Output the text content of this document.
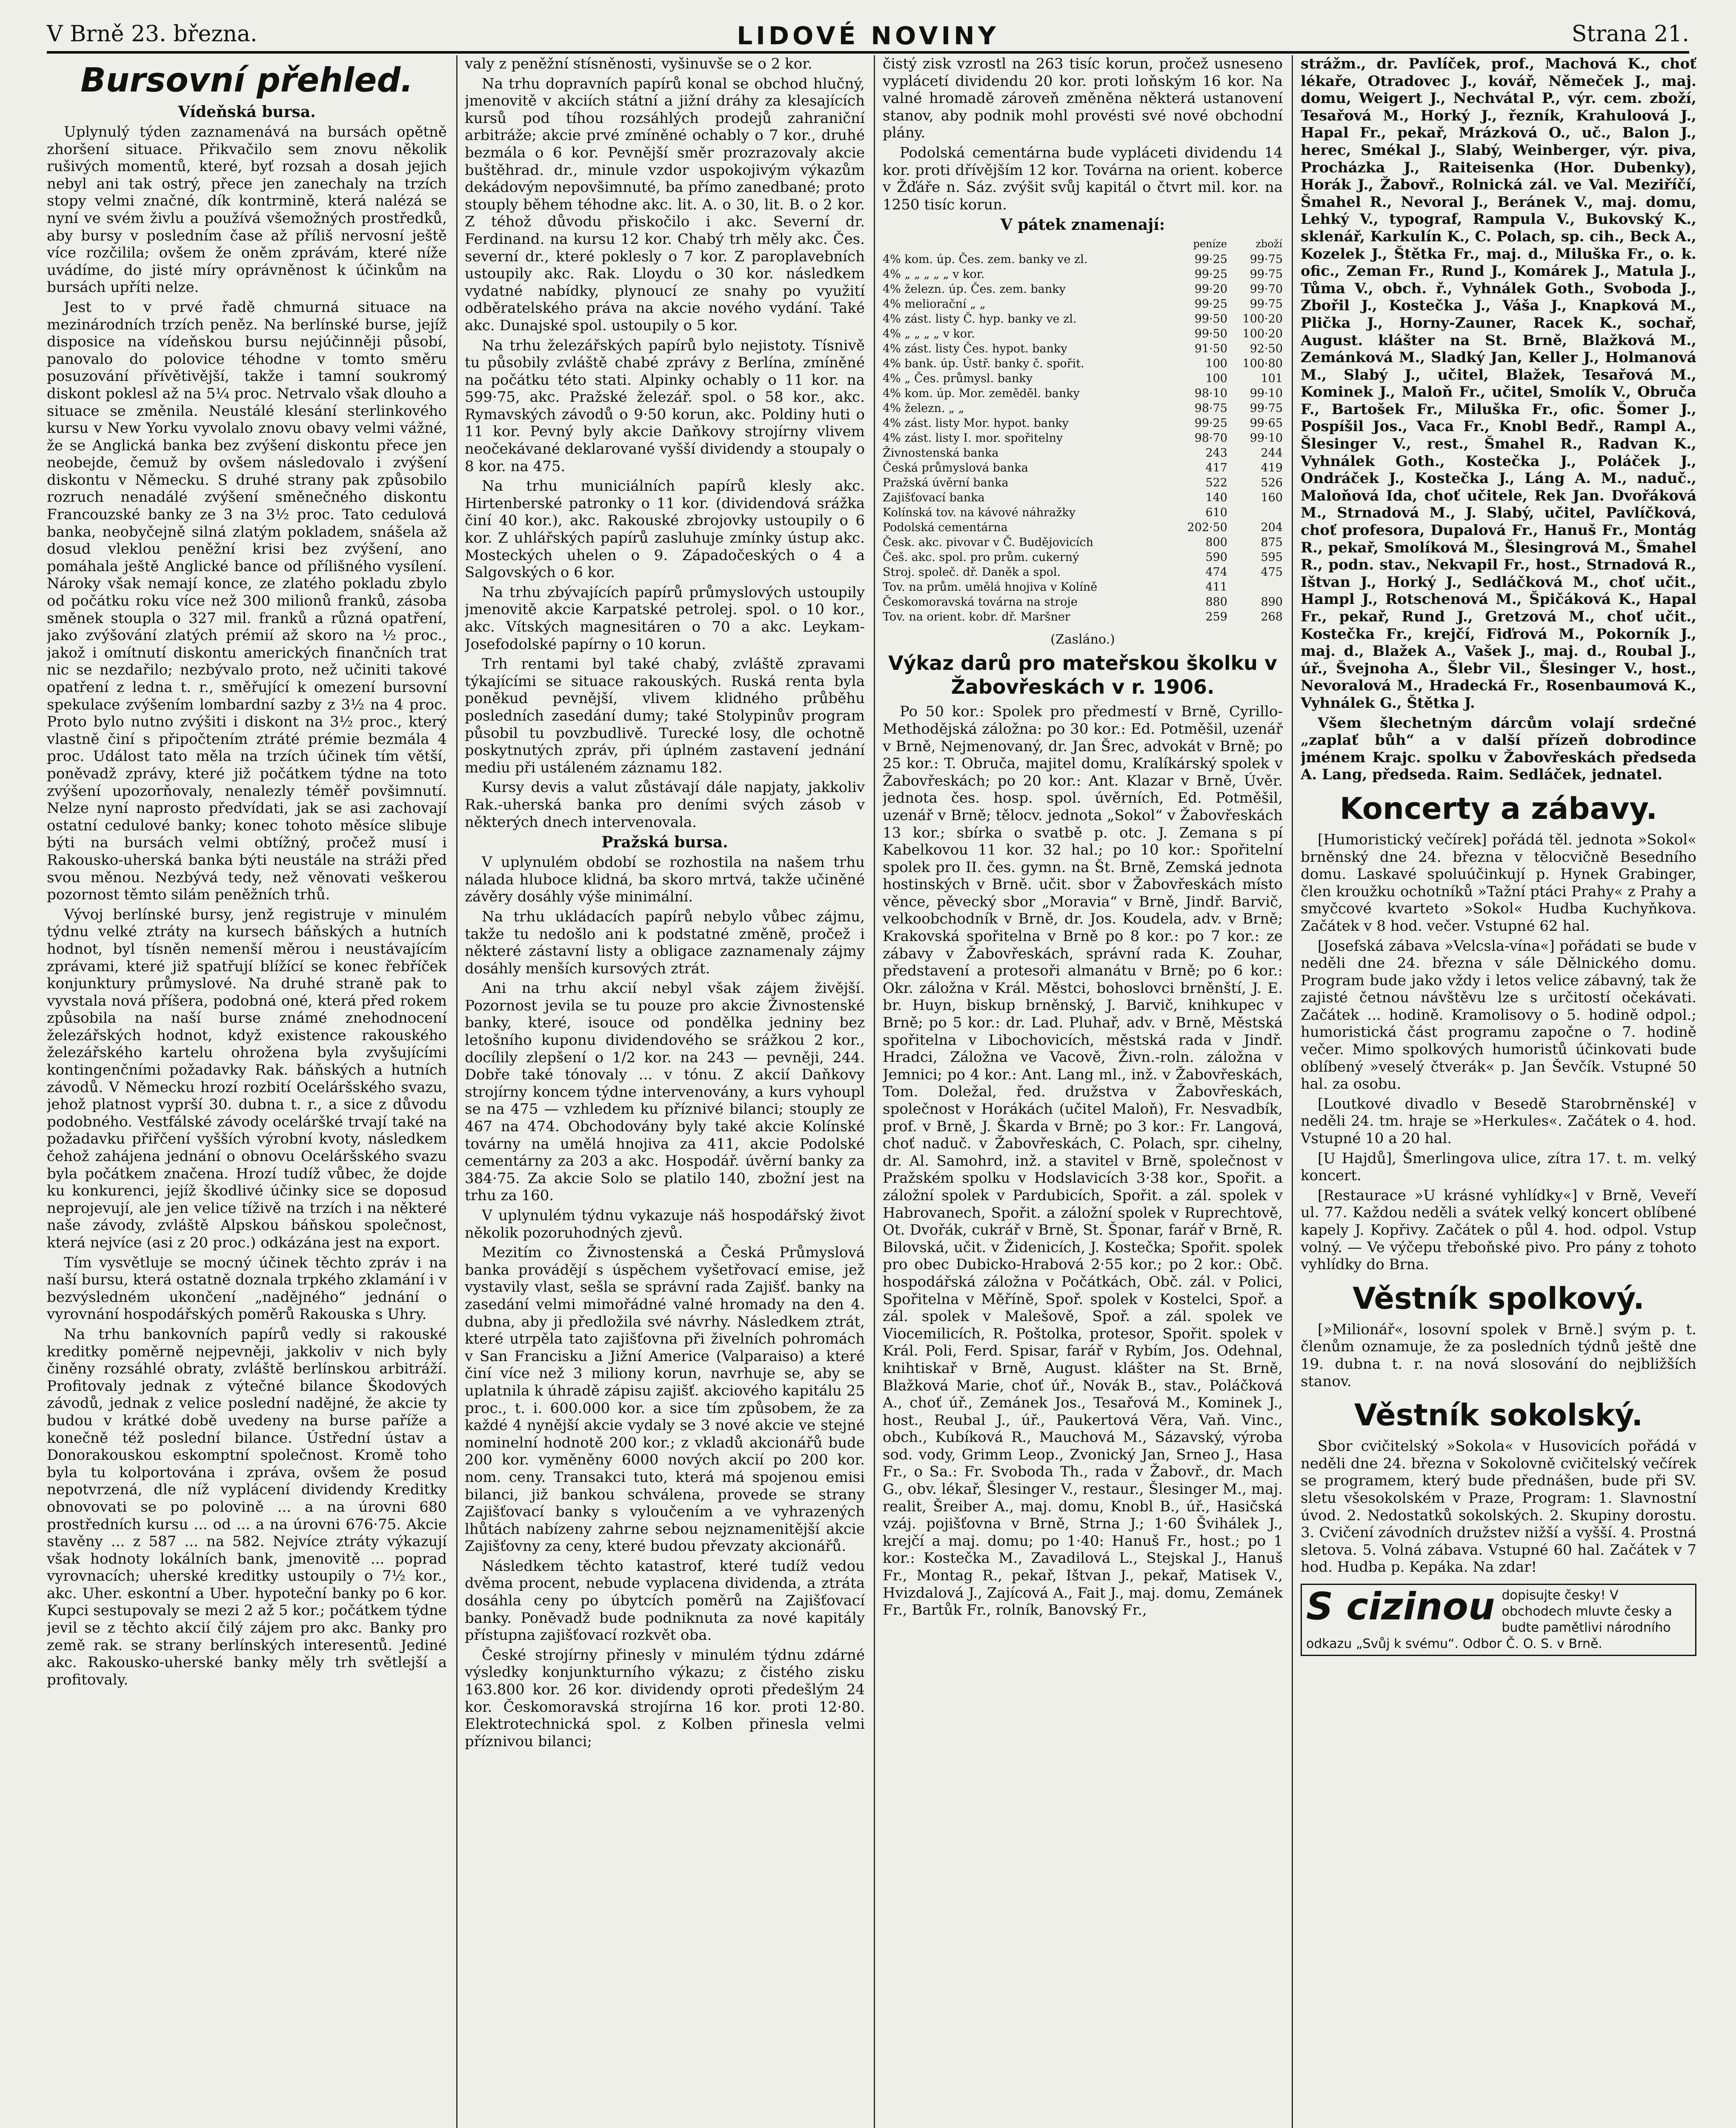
V Brně 23. března.	LIDOVÉ NOVINY	Strana 21.
Bursovní přehled.
Vídeňská bursa.

Uplynulý týden zaznamenává na bursách opětně zhoršení situace. Přikvačilo sem znovu několik rušivých momentů, které, byť rozsah a dosah jejich nebyl ani tak ostrý, přece jen zanechaly na trzích stopy velmi značné, dík kontrmině, která nalézá se nyní ve svém živlu a používá všemožných prostředků, aby bursy v posledním čase až příliš nervosní ještě více rozčilila; ovšem že oněm zprávám, které níže uvádíme, do jisté míry oprávněnost k účinkům na bursách upříti nelze.

Jest to v prvé řadě chmurná situace na mezinárodních trzích peněz. Na berlínské burse, jejíž disposice na vídeňskou bursu nejúčinněji působí, panovalo do polovice téhodne v tomto směru posuzování přívětivější, takže i tamní soukromý diskont poklesl až na 5¼ proc. Netrvalo však dlouho a situace se změnila. Neustálé klesání sterlinkového kursu v New Yorku vyvolalo znovu obavy velmi vážné, že se Anglická banka bez zvýšení diskontu přece jen neobejde, čemuž by ovšem následovalo i zvýšení diskontu v Německu. S druhé strany pak způsobilo rozruch nenadálé zvýšení směnečného diskontu Francouzské banky ze 3 na 3½ proc. Tato cedulová banka, neobyčejně silná zlatým pokladem, snášela až dosud vleklou peněžní krisi bez zvýšení, ano pomáhala ještě Anglické bance od přílišného vysílení. Nároky však nemají konce, ze zlatého pokladu zbylo od počátku roku více než 300 milionů franků, zásoba směnek stoupla o 327 mil. franků a různá opatření, jako zvýšování zlatých prémií až skoro na ½ proc., jakož i omítnutí diskontu amerických finančních trat nic se nezdařilo; nezbývalo proto, než učiniti takové opatření z ledna t. r., směřující k omezení bursovní spekulace zvýšením lombardní sazby z 3½ na 4 proc. Proto bylo nutno zvýšiti i diskont na 3½ proc., který vlastně činí s připočtením ztráté prémie bezmála 4 proc. Událost tato měla na trzích účinek tím větší, poněvadž zprávy, které již počátkem týdne na toto zvýšení upozorňovaly, nenalezly téměř povšimnutí. Nelze nyní naprosto předvídati, jak se asi zachovají ostatní cedulové banky; konec tohoto měsíce slibuje býti na bursách velmi obtížný, pročež musí i Rakousko-uherská banka býti neustále na stráži před svou měnou. Nezbývá tedy, než věnovati veškerou pozornost těmto silám peněžních trhů.

Vývoj berlínské bursy, jenž registruje v minulém týdnu velké ztráty na kursech báňských a hutních hodnot, byl tísněn nemenší měrou i neustávajícím zprávami, které již spatřují blížící se konec řebříček konjunktury průmyslové. Na druhé straně pak to vyvstala nová příšera, podobná oné, která před rokem způsobila na naší burse známé znehodnocení železářských hodnot, když existence rakouského železářského kartelu ohrožena byla zvyšujícími kontingenčními požadavky Rak. báňských a hutních závodů. V Německu hrozí rozbití Oceláršského svazu, jehož platnost vyprší 30. dubna t. r., a sice z důvodu podobného. Vestfálské závody oceláršké trvají také na požadavku přiřčení vyšších výrobní kvoty, následkem čehož zahájena jednání o obnovu Oceláršského svazu byla počátkem značena. Hrozí tudíž vůbec, že dojde ku konkurenci, jejíž škodlivé účinky sice se doposud neprojevují, ale jen velice tíživě na trzích i na některé naše závody, zvláště Alpskou báňskou společnost, která nejvíce (asi z 20 proc.) odkázána jest na export.

Tím vysvětluje se mocný účinek těchto zpráv i na naší bursu, která ostatně doznala trpkého zklamání i v bezvýsledném ukončení „nadějného“ jednání o vyrovnání hospodářských poměrů Rakouska s Uhry.

Na trhu bankovních papírů vedly si rakouské kreditky poměrně nejpevněji, jakkoliv v nich byly činěny rozsáhlé obraty, zvláště berlínskou arbitráží. Profitovaly jednak z výtečné bilance Škodových závodů, jednak z velice poslední nadějné, že akcie ty budou v krátké době uvedeny na burse paříže a konečně též poslední bilance. Ústřední ústav a Donorakouskou eskomptní společnost. Kromě toho byla tu kolportována i zpráva, ovšem že posud nepotvrzená, dle níž vyplácení dividendy Kreditky obnovovati se po polovině ... a na úrovni 680 prostředních kursu ... od ... a na úrovni 676·75. Akcie stavěny ... z 587 ... na 582. Nejvíce ztráty výkazují však hodnoty lokálních bank, jmenovitě ... poprad vyrovnacích; uherské kreditky ustoupily o 7½ kor., akc. Uher. eskontní a Uber. hypoteční banky po 6 kor. Kupci sestupovaly se mezi 2 až 5 kor.; počátkem týdne jevil se z těchto akcií čilý zájem pro akc. Banky pro země rak. se strany berlínských interesentů. Jediné akc. Rakousko-uherské banky měly trh světlejší a profitovaly.

valy z peněžní stísněnosti, vyšinuvše se o 2 kor.

Na trhu dopravních papírů konal se obchod hlučný, jmenovitě v akciích státní a jižní dráhy za klesajících kursů pod tíhou rozsáhlých prodejů zahraniční arbitráže; akcie prvé zmíněné ochably o 7 kor., druhé bezmála o 6 kor. Pevnější směr prozrazovaly akcie buštěhrad. dr., minule vzdor uspokojivým výkazům dekádovým nepovšimnuté, ba přímo zanedbané; proto stouply během téhodne akc. lit. A. o 30, lit. B. o 2 kor. Z téhož důvodu přiskočilo i akc. Severní dr. Ferdinand. na kursu 12 kor. Chabý trh měly akc. Čes. severní dr., které poklesly o 7 kor. Z paroplavebních ustoupily akc. Rak. Lloydu o 30 kor. následkem vydatné nabídky, plynoucí ze snahy po využití odběratelského práva na akcie nového vydání. Také akc. Dunajské spol. ustoupily o 5 kor.

Na trhu železářských papírů bylo nejistoty. Tísnivě tu působily zvláště chabé zprávy z Berlína, zmíněné na počátku této stati. Alpinky ochably o 11 kor. na 599·75, akc. Pražské železář. spol. o 58 kor., akc. Rymavských závodů o 9·50 korun, akc. Poldiny huti o 11 kor. Pevný byly akcie Daňkovy strojírny vlivem neočekávané deklarované vyšší dividendy a stoupaly o 8 kor. na 475.

Na trhu municiálních papírů klesly akc. Hirtenberské patronky o 11 kor. (dividendová srážka činí 40 kor.), akc. Rakouské zbrojovky ustoupily o 6 kor. Z uhlářských papírů zasluhuje zmínky ústup akc. Mosteckých uhelen o 9. Západočeských o 4 a Salgovských o 6 kor.

Na trhu zbývajících papírů průmyslových ustoupily jmenovitě akcie Karpatské petrolej. spol. o 10 kor., akc. Vítských magnesitáren o 70 a akc. Leykam-Josefodolské papírny o 10 korun.

Trh rentami byl také chabý, zvláště zpravami týkajícími se situace rakouských. Ruská renta byla poněkud pevnější, vlivem klidného průběhu posledních zasedání dumy; také Stolypinův program působil tu povzbudlivě. Turecké losy, dle ochotně poskytnutých zpráv, při úplném zastavení jednání mediu při ustáleném záznamu 182.

Kursy devis a valut zůstávají dále napjaty, jakkoliv Rak.-uherská banka pro deními svých zásob v některých dnech intervenovala.

Pražská bursa.

V uplynulém období se rozhostila na našem trhu nálada hluboce klidná, ba skoro mrtvá, takže učiněné závěry dosáhly výše minimální.

Na trhu ukládacích papírů nebylo vůbec zájmu, takže tu nedošlo ani k podstatné změně, pročež i některé zástavní listy a obligace zaznamenaly zájmy dosáhly menších kursových ztrát.

Ani na trhu akcií nebyl však zájem živější. Pozornost jevila se tu pouze pro akcie Živnostenské banky, které, isouce od pondělka jedniny bez letošního kuponu dividendového se srážkou 2 kor., docílily zlepšení o 1/2 kor. na 243 — pevněji, 244. Dobře také tónovaly ... v tónu. Z akcií Daňkovy strojírny koncem týdne intervenovány, a kurs vyhoupl se na 475 — vzhledem ku příznivé bilanci; stouply ze 467 na 474. Obchodovány byly také akcie Kolínské továrny na umělá hnojiva za 411, akcie Podolské cementárny za 203 a akc. Hospodář. úvěrní banky za 384·75. Za akcie Solo se platilo 140, zbožní jest na trhu za 160.

V uplynulém týdnu vykazuje náš hospodářský život několik pozoruhodných zjevů.

Mezitím co Živnostenská a Česká Průmyslová banka provádějí s úspěchem vyšetřovací emise, jež vystavily vlast, sešla se správní rada Zajišť. banky na zasedání velmi mimořádné valné hromady na den 4. dubna, aby ji předložila své návrhy. Následkem ztrát, které utrpěla tato zajišťovna při živelních pohromách v San Francisku a Jižní Americe (Valparaiso) a které činí více než 3 miliony korun, navrhuje se, aby se uplatnila k úhradě zápisu zajišť. akciového kapitálu 25 proc., t. i. 600.000 kor. a sice tím způsobem, že za každé 4 nynější akcie vydaly se 3 nové akcie ve stejné nominelní hodnotě 200 kor.; z vkladů akcionářů bude 200 kor. vyměněny 6000 nových akcií po 200 kor. nom. ceny. Transakci tuto, která má spojenou emisi bilanci, již bankou schválena, provede se strany Zajišťovací banky s vyloučením a ve vyhrazených lhůtách nabízeny zahrne sebou nejznamenitější akcie Zajišťovny za ceny, které budou převzaty akcionářů.

Následkem těchto katastrof, které tudíž vedou dvěma procent, nebude vyplacena dividenda, a ztráta dosáhla ceny po úbytcích poměrů na Zajišťovací banky. Poněvadž bude podniknuta za nové kapitály přístupna zajišťovací rozkvět oba.

České strojírny přinesly v minulém týdnu zdárné výsledky konjunkturního výkazu; z čistého zisku 163.800 kor. 26 kor. dividendy oproti předešlým 24 kor. Českomoravská strojírna 16 kor. proti 12·80. Elektrotechnická spol. z Kolben přinesla velmi příznivou bilanci;

čistý zisk vzrostl na 263 tisíc korun, pročež usneseno vyplácetí dividendu 20 kor. proti loňským 16 kor. Na valné hromadě zároveň změněna některá ustanovení stanov, aby podnik mohl provésti své nové obchodní plány.

Podolská cementárna bude vypláceti dividendu 14 kor. proti dřívějším 12 kor. Továrna na orient. koberce v Žďáře n. Sáz. zvýšit svůj kapitál o čtvrt mil. kor. na 1250 tisíc korun.

V pátek znamenají:
	peníze	zboží
4% kom. úp. Čes. zem. banky ve zl.	99·25	99·75
4% „ „ „ „ „ v kor.	99·25	99·75
4% železn. úp. Čes. zem. banky	99·20	99·70
4% meliorační „ „	99·25	99·75
4% zást. listy Č. hyp. banky ve zl.	99·50	100·20
4% „ „ „ „ v kor.	99·50	100·20
4% zást. listy Čes. hypot. banky	91·50	92·50
4% bank. úp. Ústř. banky č. spořit.	100	100·80
4% „ Čes. průmysl. banky	100	101
4% kom. úp. Mor. zeměděl. banky	98·10	99·10
4% železn. „ „	98·75	99·75
4% zást. listy Mor. hypot. banky	99·25	99·65
4% zást. listy I. mor. spořitelny	98·70	99·10
Živnostenská banka	243	244
Česká průmyslová banka	417	419
Pražská úvěrní banka	522	526
Zajišťovací banka	140	160
Kolínská tov. na kávové náhražky	610	
Podolská cementárna	202·50	204
Česk. akc. pivovar v Č. Budějovicích	800	875
Češ. akc. spol. pro prům. cukerný	590	595
Stroj. společ. dř. Daněk a spol.	474	475
Tov. na prům. umělá hnojiva v Kolíně	411	
Českomoravská továrna na stroje	880	890
Tov. na orient. kobr. dř. Maršner	259	268
(Zasláno.)
Výkaz darů pro mateřskou školku v Žabovřeskách v r. 1906.

Po 50 kor.: Spolek pro předmestí v Brně, Cyrillo-Methodějská záložna: po 30 kor.: Ed. Potměšil, uzenář v Brně, Nejmenovaný, dr. Jan Šrec, advokát v Brně; po 25 kor.: T. Obruča, majitel domu, Kralíkárský spolek v Žabovřeskách; po 20 kor.: Ant. Klazar v Brně, Úvěr. jednota čes. hosp. spol. úvěrních, Ed. Potměšil, uzenář v Brně; tělocv. jednota „Sokol“ v Žabovřeskách 13 kor.; sbírka o svatbě p. otc. J. Zemana s pí Kabelkovou 11 kor. 32 hal.; po 10 kor.: Spořitelní spolek pro II. čes. gymn. na Št. Brně, Zemská jednota hostinských v Brně. učit. sbor v Žabovřeskách místo věnce, pěvecký sbor „Moravia“ v Brně, Jindř. Barvič, velkoobchodník v Brně, dr. Jos. Koudela, adv. v Brně; Krakovská spořitelna v Brně po 8 kor.: po 7 kor.: ze zábavy v Žabovřeskách, správní rada K. Zouhar, představení a protesoři almanátu v Brně; po 6 kor.: Okr. záložna v Král. Městci, bohoslovci brněnští, J. E. br. Huyn, biskup brněnský, J. Barvič, knihkupec v Brně; po 5 kor.: dr. Lad. Pluhař, adv. v Brně, Městská spořitelna v Libochovicích, městská rada v Jindř. Hradci, Záložna ve Vacově, Živn.-roln. záložna v Jemnici; po 4 kor.: Ant. Lang ml., inž. v Žabovřeskách, Tom. Doležal, řed. družstva v Žabovřeskách, společnost v Horákách (učitel Maloň), Fr. Nesvadbík, prof. v Brně, J. Škarda v Brně; po 3 kor.: Fr. Langová, choť naduč. v Žabovřeskách, C. Polach, spr. cihelny, dr. Al. Samohrd, inž. a stavitel v Brně, společnost v Pražském spolku v Hodslavicích 3·38 kor., Spořit. a záložní spolek v Pardubicích, Spořit. a zál. spolek v Habrovanech, Spořit. a záložní spolek v Ruprechtově, Ot. Dvořák, cukrář v Brně, St. Šponar, farář v Brně, R. Bilovská, učit. v Židenicích, J. Kostečka; Spořit. spolek pro obec Dubicko-Hrabová 2·55 kor.; po 2 kor.: Obč. hospodářská záložna v Počátkách, Obč. zál. v Polici, Spořitelna v Měříně, Spoř. spolek v Kostelci, Spoř. a zál. spolek v Malešově, Spoř. a zál. spolek ve Viocemilicích, R. Poštolka, protesor, Spořit. spolek v Král. Poli, Ferd. Spisar, farář v Rybím, Jos. Odehnal, knihtiskař v Brně, August. klášter na St. Brně, Blažková Marie, choť úř., Novák B., stav., Poláčková A., choť úř., Zemánek Jos., Tesařová M., Kominek J., host., Reubal J., úř., Paukertová Věra, Vaň. Vinc., obch., Kubíková R., Mauchová M., Sázavský, výroba sod. vody, Grimm Leop., Zvonický Jan, Srneo J., Hasa Fr., o Sa.: Fr. Svoboda Th., rada v Žabovř., dr. Mach G., obv. lékař, Šlesinger V., restaur., Šlesinger M., maj. realit, Šreiber A., maj. domu, Knobl B., úř., Hasičská vzáj. pojišťovna v Brně, Strna J.; 1·60 Švihálek J., krejčí a maj. domu; po 1·40: Hanuš Fr., host.; po 1 kor.: Kostečka M., Zavadilová L., Stejskal J., Hanuš Fr., Montag R., pekař, Ištvan J., pekař, Matisek V., Hvizdalová J., Zajícová A., Fait J., maj. domu, Zemánek Fr., Bartůk Fr., rolník, Banovský Fr.,

strážm., dr. Pavlíček, prof., Machová K., choť lékaře, Otradovec J., kovář, Němeček J., maj. domu, Weigert J., Nechvátal P., výr. cem. zboží, Tesařová M., Horký J., řezník, Krahuloová J., Hapal Fr., pekař, Mrázková O., uč., Balon J., herec, Smékal J., Slabý, Weinberger, výr. piva, Procházka J., Raiteisenka (Hor. Dubenky), Horák J., Žabovř., Rolnická zál. ve Val. Meziříčí, Šmahel R., Nevoral J., Beránek V., maj. domu, Lehký V., typograf, Rampula V., Bukovský K., sklenář, Karkulín K., C. Polach, sp. cih., Beck A., Kozelek J., Štětka Fr., maj. d., Miluška Fr., o. k. ofic., Zeman Fr., Rund J., Komárek J., Matula J., Tůma V., obch. ř., Vyhnálek Goth., Svoboda J., Zbořil J., Kostečka J., Váša J., Knapková M., Plička J., Horny-Zauner, Racek K., sochař, August. klášter na St. Brně, Blažková M., Zemánková M., Sladký Jan, Keller J., Holmanová M., Slabý J., učitel, Blažek, Tesařová M., Kominek J., Maloň Fr., učitel, Smolík V., Obruča F., Bartošek Fr., Miluška Fr., ofic. Šomer J., Pospíšil Jos., Vaca Fr., Knobl Bedř., Rampl A., Šlesinger V., rest., Šmahel R., Radvan K., Vyhnálek Goth., Kostečka J., Poláček J., Ondráček J., Kostečka J., Láng A. M., naduč., Maloňová Ida, choť učitele, Rek Jan. Dvořáková M., Strnadová M., J. Slabý, učitel, Pavlíčková, choť profesora, Dupalová Fr., Hanuš Fr., Montág R., pekař, Smolíková M., Šlesingrová M., Šmahel R., podn. stav., Nekvapil Fr., host., Strnadová R., Ištvan J., Horký J., Sedláčková M., choť učit., Hampl J., Rotschenová M., Špičáková K., Hapal Fr., pekař, Rund J., Gretzová M., choť učit., Kostečka Fr., krejčí, Fiďrová M., Pokorník J., maj. d., Blažek A., Vašek J., maj. d., Roubal J., úř., Švejnoha A., Šlebr Vil., Šlesinger V., host., Nevoralová M., Hradecká Fr., Rosenbaumová K., Vyhnálek G., Štětka J.

Všem šlechetným dárcům volají srdečné „zaplať bůh“ a v další přízeň dobrodince jménem Krajc. spolku v Žabovřeskách předseda A. Lang, předseda. Raim. Sedláček, jednatel.

Koncerty a zábavy.

[Humoristický večírek] pořádá těl. jednota »Sokol« brněnský dne 24. března v tělocvičně Besedního domu. Laskavé spoluúčinkují p. Hynek Grabinger, člen kroužku ochotníků »Tažní ptáci Prahy« z Prahy a smyčcové kvarteto »Sokol« Hudba Kuchyňkova. Začátek v 8 hod. večer. Vstupné 62 hal.

[Josefská zábava »Velcsla-vína«] pořádati se bude v neděli dne 24. března v sále Dělnického domu. Program bude jako vždy i letos velice zábavný, tak že zajisté četnou návštěvu lze s určitostí očekávati. Začátek ... hodině. Kramolisovy o 5. hodině odpol.; humoristická část programu započne o 7. hodině večer. Mimo spolkových humoristů účinkovati bude oblíbený »veselý čtverák« p. Jan Ševčík. Vstupné 50 hal. za osobu.

[Loutkové divadlo v Besedě Starobrněnské] v neděli 24. tm. hraje se »Herkules«. Začátek o 4. hod. Vstupné 10 a 20 hal.

[U Hajdů], Šmerlingova ulice, zítra 17. t. m. velký koncert.

[Restaurace »U krásné vyhlídky«] v Brně, Veveří ul. 77. Každou neděli a svátek velký koncert oblíbené kapely J. Kopřivy. Začátek o půl 4. hod. odpol. Vstup volný. — Ve výčepu třeboňské pivo. Pro pány z tohoto vyhlídky do Brna.

Věstník spolkový.

[»Milionář«, losovní spolek v Brně.] svým p. t. členům oznamuje, že za posledních týdnů ještě dne 19. dubna t. r. na nová slosování do nejbližších stanov.

Věstník sokolský.

Sbor cvičitelský »Sokola« v Husovicích pořádá v neděli dne 24. března v Sokolovně cvičitelský večírek se programem, který bude přednášen, bude při SV. sletu všesokolském v Praze, Program: 1. Slavnostní úvod. 2. Nedostatků sokolských. 2. Skupiny dorostu. 3. Cvičení závodních družstev nižší a vyšší. 4. Prostná sletova. 5. Volná zábava. Vstupné 60 hal. Začátek v 7 hod. Hudba p. Kepáka. Na zdar!

S cizinou dopisujte česky! V obchodech mluvte česky a budte pamětlivi národního odkazu „Svůj k svému“. Odbor Č. O. S. v Brně.
